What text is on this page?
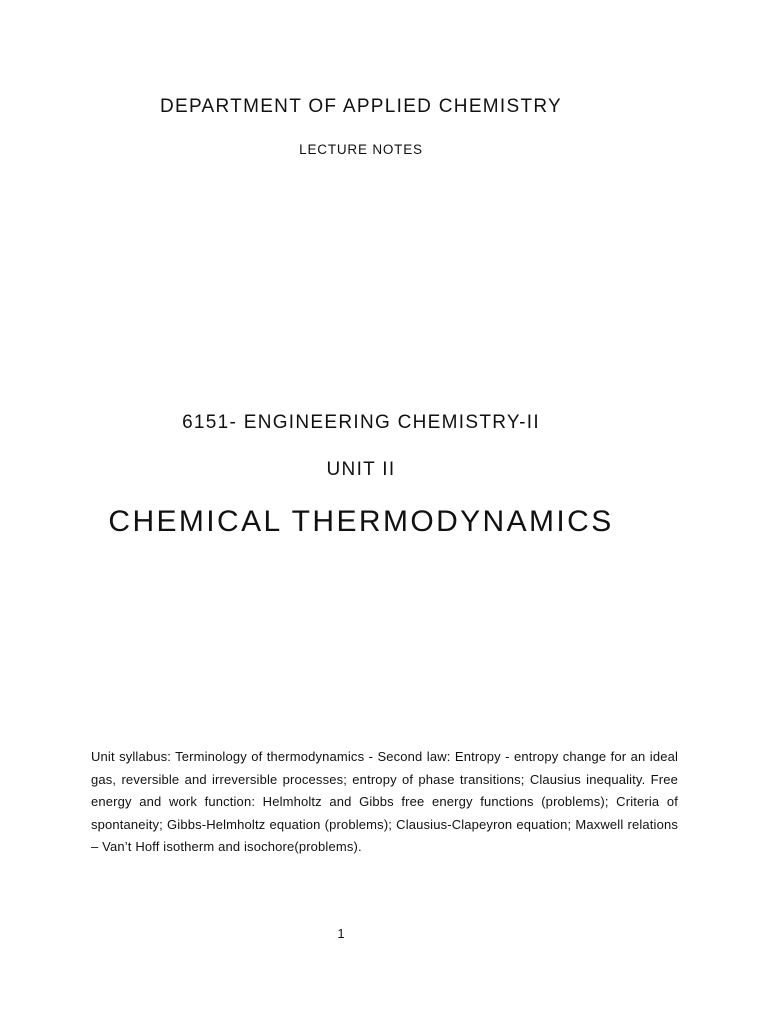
DEPARTMENT OF APPLIED CHEMISTRY
LECTURE NOTES
6151- ENGINEERING CHEMISTRY-II
UNIT II
CHEMICAL THERMODYNAMICS
Unit syllabus: Terminology of thermodynamics - Second law: Entropy - entropy change for an ideal gas, reversible and irreversible processes; entropy of phase transitions; Clausius inequality. Free energy and work function: Helmholtz and Gibbs free energy functions (problems); Criteria of spontaneity; Gibbs-Helmholtz equation (problems); Clausius-Clapeyron equation; Maxwell relations – Van’t Hoff isotherm and isochore(problems).
1
